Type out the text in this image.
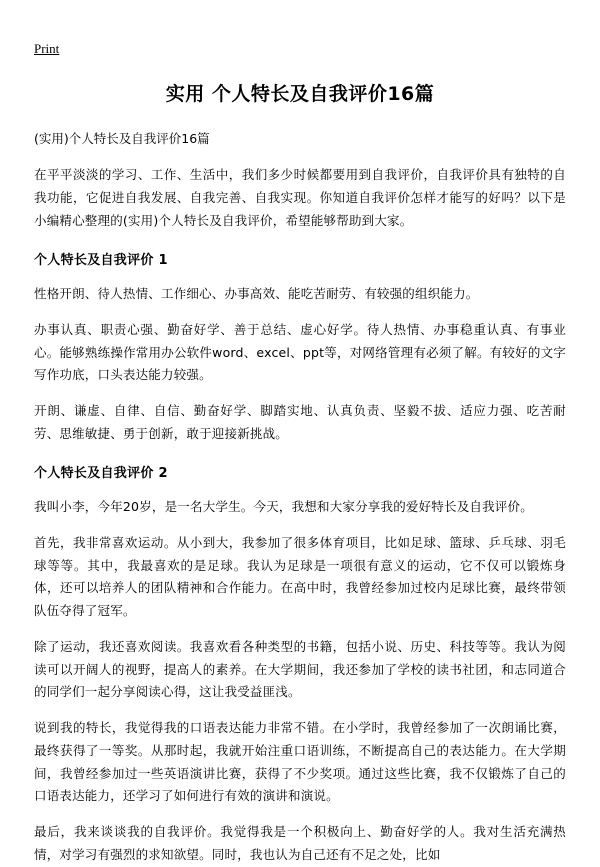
Print
实用 个人特长及自我评价16篇
(实用)个人特长及自我评价16篇

在平平淡淡的学习、工作、生活中，我们多少时候都要用到自我评价，自我评价具有独特的自我功能，它促进自我发展、自我完善、自我实现。你知道自我评价怎样才能写的好吗？以下是小编精心整理的(实用)个人特长及自我评价，希望能够帮助到大家。

个人特长及自我评价 1

性格开朗、待人热情、工作细心、办事高效、能吃苦耐劳、有较强的组织能力。

办事认真、职责心强、勤奋好学、善于总结、虚心好学。待人热情、办事稳重认真、有事业心。能够熟练操作常用办公软件word、excel、ppt等，对网络管理有必须了解。有较好的文字写作功底，口头表达能力较强。

开朗、谦虚、自律、自信、勤奋好学、脚踏实地、认真负责、坚毅不拔、适应力强、吃苦耐劳、思维敏捷、勇于创新，敢于迎接新挑战。

个人特长及自我评价 2

我叫小李，今年20岁，是一名大学生。今天，我想和大家分享我的爱好特长及自我评价。

首先，我非常喜欢运动。从小到大，我参加了很多体育项目，比如足球、篮球、乒乓球、羽毛球等等。其中，我最喜欢的是足球。我认为足球是一项很有意义的运动，它不仅可以锻炼身体，还可以培养人的团队精神和合作能力。在高中时，我曾经参加过校内足球比赛，最终带领队伍夺得了冠军。

除了运动，我还喜欢阅读。我喜欢看各种类型的书籍，包括小说、历史、科技等等。我认为阅读可以开阔人的视野，提高人的素养。在大学期间，我还参加了学校的读书社团，和志同道合的同学们一起分享阅读心得，这让我受益匪浅。

说到我的特长，我觉得我的口语表达能力非常不错。在小学时，我曾经参加了一次朗诵比赛，最终获得了一等奖。从那时起，我就开始注重口语训练，不断提高自己的表达能力。在大学期间，我曾经参加过一些英语演讲比赛，获得了不少奖项。通过这些比赛，我不仅锻炼了自己的口语表达能力，还学习了如何进行有效的演讲和演说。

最后，我来谈谈我的自我评价。我觉得我是一个积极向上、勤奋好学的人。我对生活充满热情，对学习有强烈的求知欲望。同时，我也认为自己还有不足之处，比如
